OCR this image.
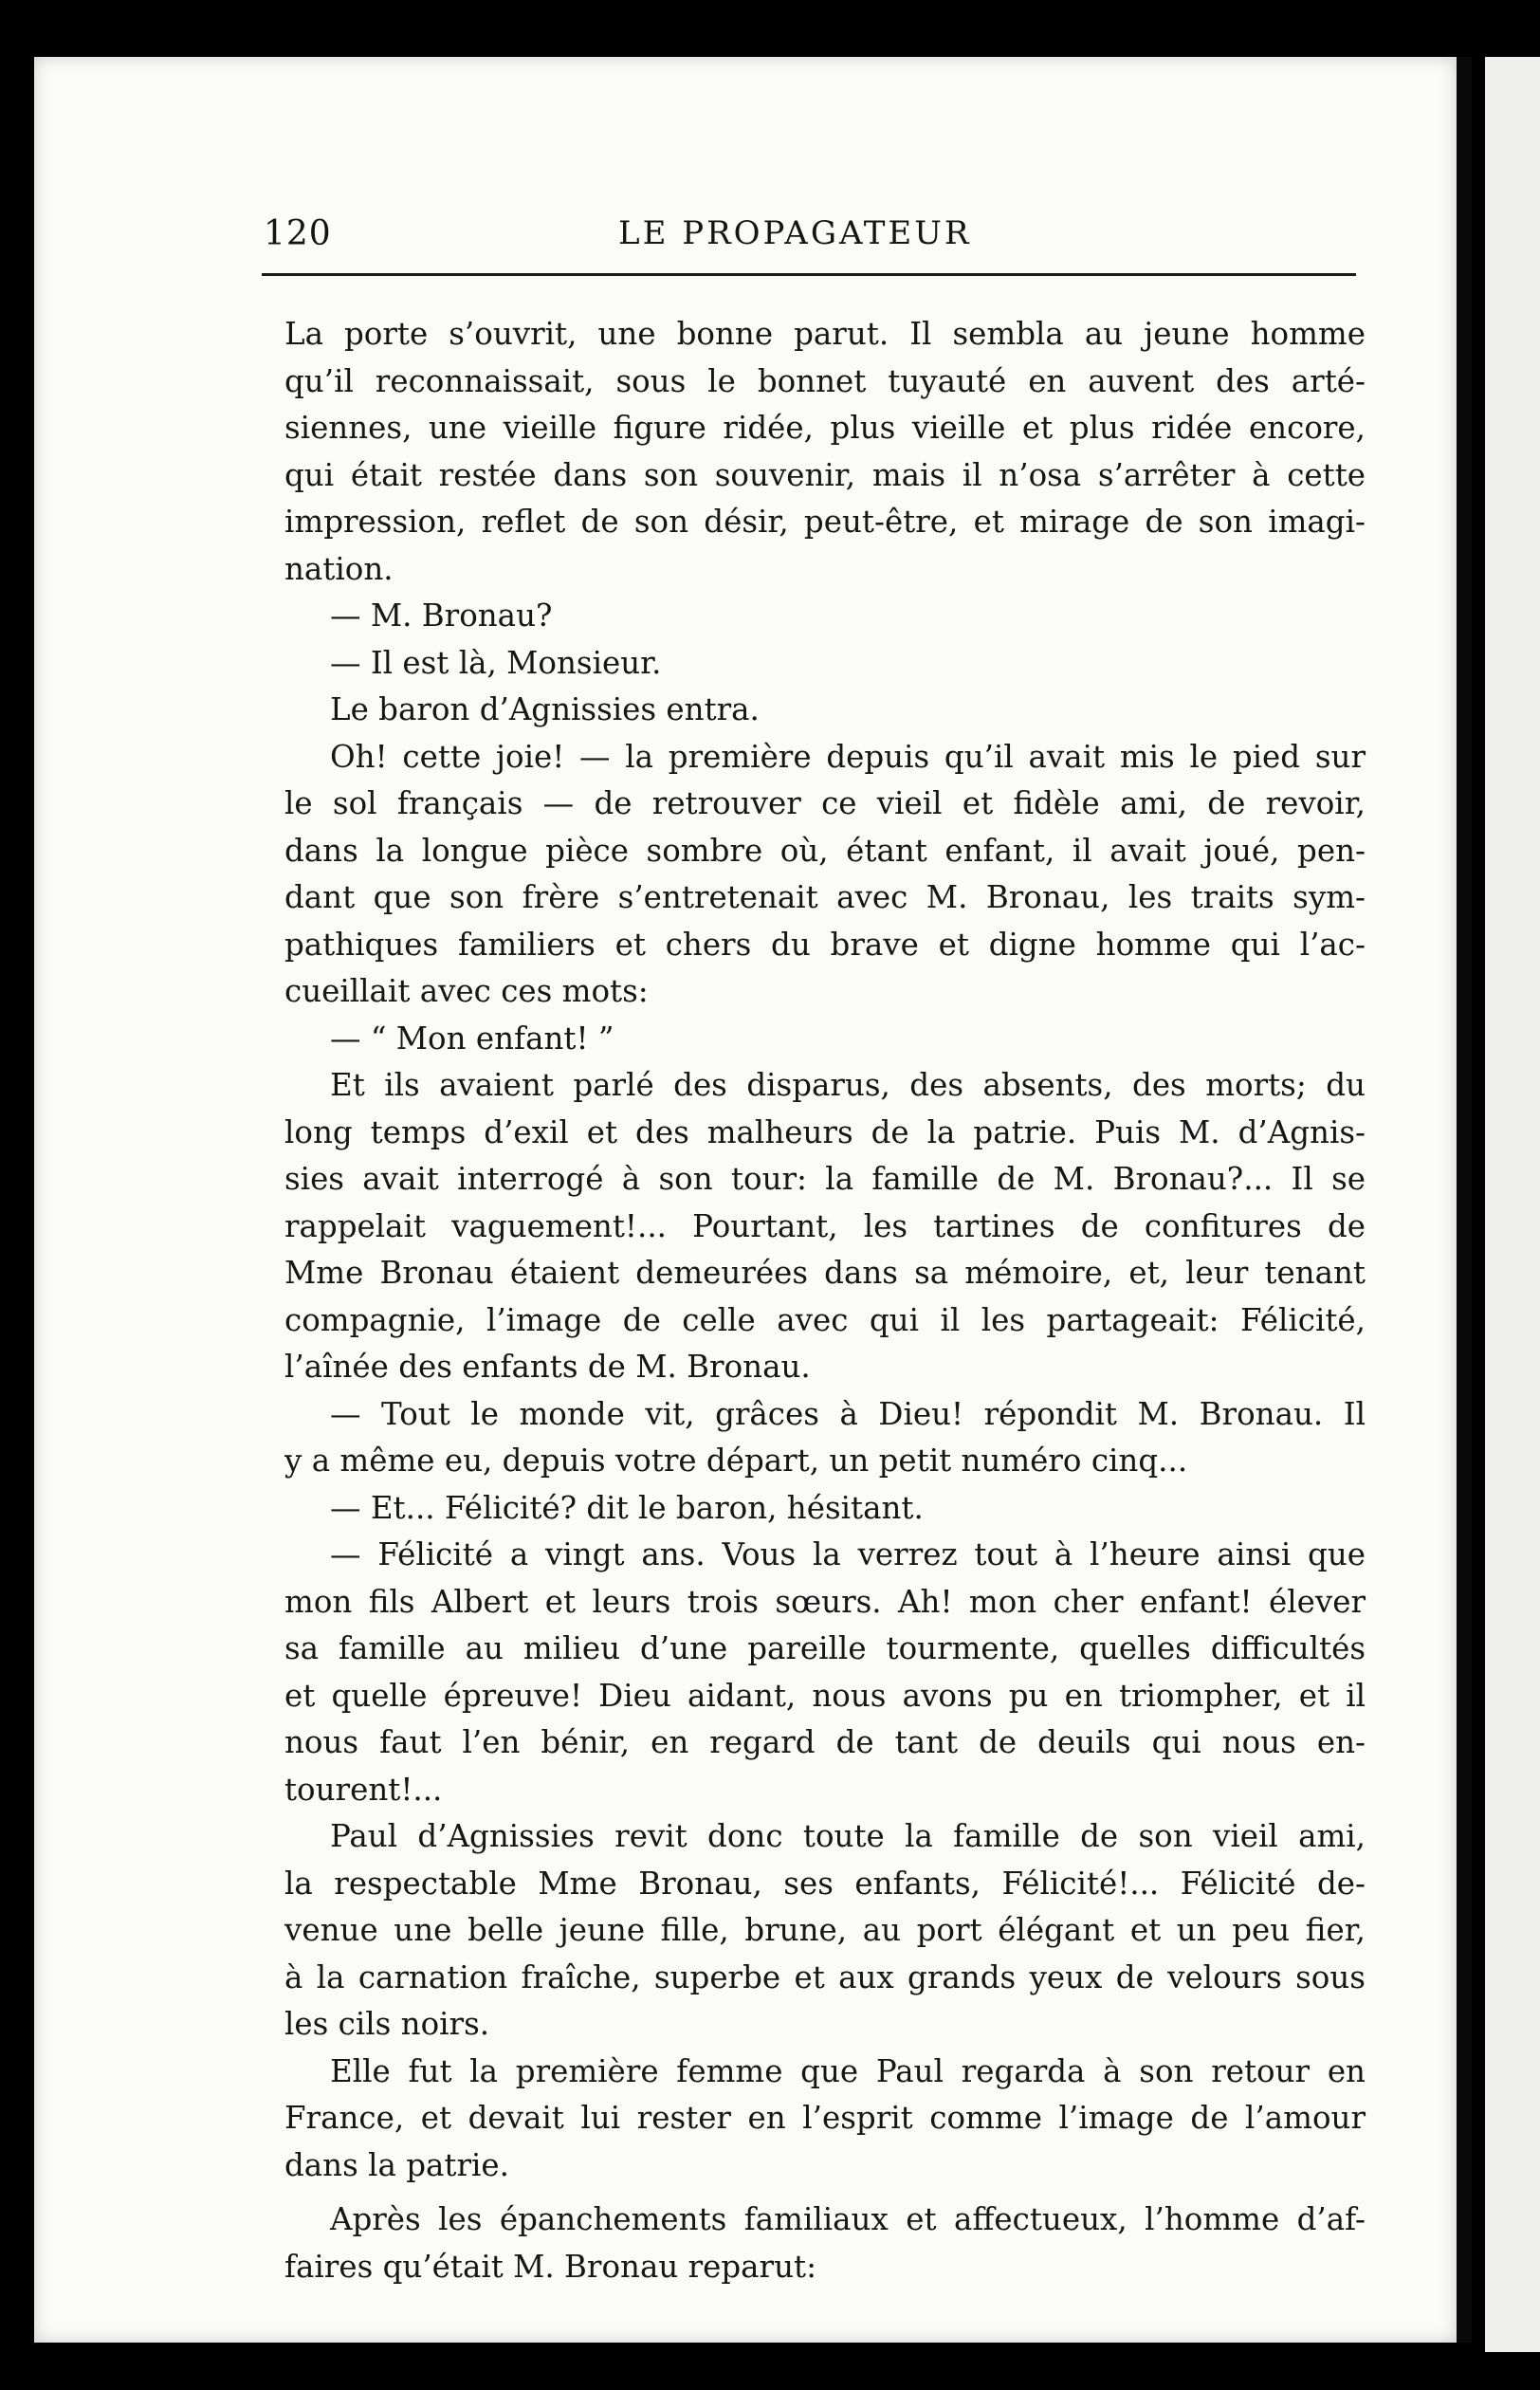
120	LE PROPAGATEUR
La porte s’ouvrit, une bonne parut. Il sembla au jeune homme
qu’il reconnaissait, sous le bonnet tuyauté en auvent des arté-
siennes, une vieille figure ridée, plus vieille et plus ridée encore,
qui était restée dans son souvenir, mais il n’osa s’arrêter à cette
impression, reflet de son désir, peut-être, et mirage de son imagi-
nation.
— M. Bronau?
— Il est là, Monsieur.
Le baron d’Agnissies entra.
Oh! cette joie! — la première depuis qu’il avait mis le pied sur
le sol français — de retrouver ce vieil et fidèle ami, de revoir,
dans la longue pièce sombre où, étant enfant, il avait joué, pen-
dant que son frère s’entretenait avec M. Bronau, les traits sym-
pathiques familiers et chers du brave et digne homme qui l’ac-
cueillait avec ces mots:
— “ Mon enfant! ”
Et ils avaient parlé des disparus, des absents, des morts; du
long temps d’exil et des malheurs de la patrie. Puis M. d’Agnis-
sies avait interrogé à son tour: la famille de M. Bronau?... Il se
rappelait vaguement!... Pourtant, les tartines de confitures de
Mme Bronau étaient demeurées dans sa mémoire, et, leur tenant
compagnie, l’image de celle avec qui il les partageait: Félicité,
l’aînée des enfants de M. Bronau.
— Tout le monde vit, grâces à Dieu! répondit M. Bronau. Il
y a même eu, depuis votre départ, un petit numéro cinq...
— Et... Félicité? dit le baron, hésitant.
— Félicité a vingt ans. Vous la verrez tout à l’heure ainsi que
mon fils Albert et leurs trois sœurs. Ah! mon cher enfant! élever
sa famille au milieu d’une pareille tourmente, quelles difficultés
et quelle épreuve! Dieu aidant, nous avons pu en triompher, et il
nous faut l’en bénir, en regard de tant de deuils qui nous en-
tourent!...
Paul d’Agnissies revit donc toute la famille de son vieil ami,
la respectable Mme Bronau, ses enfants, Félicité!... Félicité de-
venue une belle jeune fille, brune, au port élégant et un peu fier,
à la carnation fraîche, superbe et aux grands yeux de velours sous
les cils noirs.
Elle fut la première femme que Paul regarda à son retour en
France, et devait lui rester en l’esprit comme l’image de l’amour
dans la patrie.
Après les épanchements familiaux et affectueux, l’homme d’af-
faires qu’était M. Bronau reparut:
